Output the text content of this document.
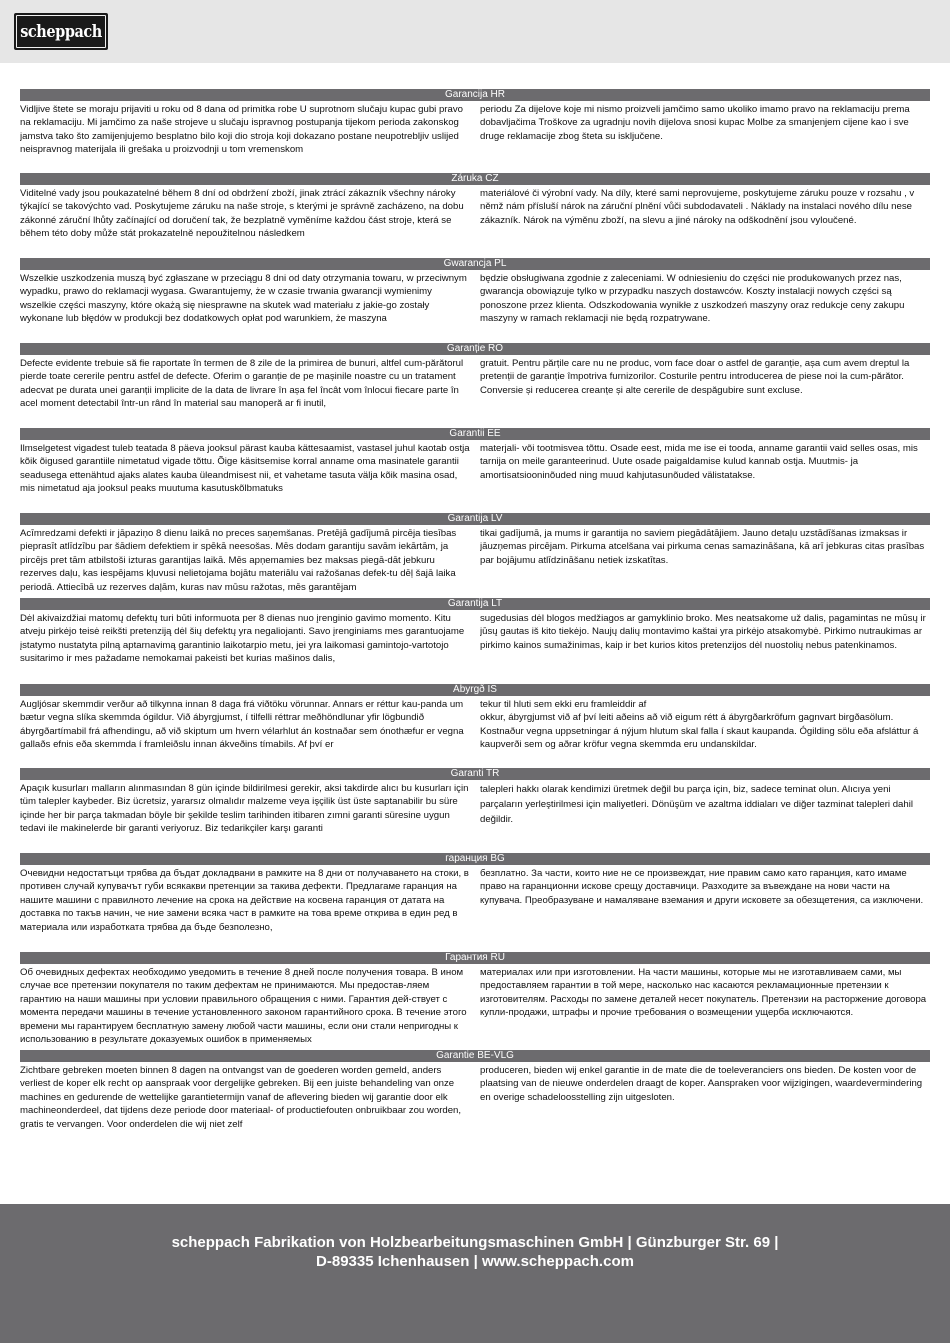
scheppach
Garancija HR
Vidljive štete se moraju prijaviti u roku od 8 dana od primitka robe U suprotnom slučaju kupac gubi pravo na reklamaciju. Mi jamčimo za naše strojeve u slučaju ispravnog postupanja tijekom perioda zakonskog jamstva tako što zamijenjujemo besplatno bilo koji dio stroja koji dokazano postane neupotrebljiv uslijed neispravnog materijala ili grešaka u proizvodnji u tom vremenskom
periodu Za dijelove koje mi nismo proizveli jamčimo samo ukoliko imamo pravo na reklamaciju prema dobavljačima Troškove za ugradnju novih dijelova snosi kupac Molbe za smanjenjem cijene kao i sve druge reklamacije zbog šteta su isključene.
Záruka CZ
Viditelné vady jsou poukazatelné během 8 dní od obdržení zboží, jinak ztrácí zákazník všechny nároky týkající se takovýchto vad. Poskytujeme záruku na naše stroje, s kterými je správně zacházeno, na dobu zákonné záruční lhůty začínající od doručení tak, že bezplatně vyměníme každou část stroje, která se během této doby může stát prokazatelně nepoužitelnou následkem
materiálové či výrobní vady. Na díly, které sami neprovujeme, poskytujeme záruku pouze v rozsahu , v němž nám přísluší nárok na záruční plnění vůči subdodavateli . Náklady na instalaci nového dílu nese zákazník. Nárok na výměnu zboží, na slevu a jiné nároky na odškodnění jsou vyloučené.
Gwarancja PL
Wszelkie uszkodzenia muszą być zgłaszane w przeciągu 8 dni od daty otrzymania towaru, w przeciwnym wypadku, prawo do reklamacji wygasa. Gwarantujemy, że w czasie trwania gwarancji wymienimy wszelkie części maszyny, które okażą się niesprawne na skutek wad materiału z jakie-go zostały wykonane lub błędów w produkcji bez dodatkowych opłat pod warunkiem, że maszyna
będzie obsługiwana zgodnie z zaleceniami. W odniesieniu do części nie produkowanych przez nas, gwarancja obowiązuje tylko w przypadku naszych dostawców. Koszty instalacji nowych części są ponoszone przez klienta. Odszkodowania wynikłe z uszkodzeń maszyny oraz redukcje ceny zakupu maszyny w ramach reklamacji nie będą rozpatrywane.
Garanție RO
Defecte evidente trebuie să fie raportate în termen de 8 zile de la primirea de bunuri, altfel cum-părătorul pierde toate cererile pentru astfel de defecte. Oferim o garanție de pe mașinile noastre cu un tratament adecvat pe durata unei garanții implicite de la data de livrare în așa fel încât vom înlocui fiecare parte în acel moment detectabil într-un rând în material sau manoperă ar fi inutil,
gratuit. Pentru părțile care nu ne produc, vom face doar o astfel de garanție, așa cum avem dreptul la pretenții de garanție împotriva furnizorilor. Costurile pentru introducerea de piese noi la cum-părător. Conversie și reducerea creanțe și alte cererile de despăgubire sunt excluse.
Garantii EE
Ilmselgetest vigadest tuleb teatada 8 päeva jooksul pärast kauba kättesaamist, vastasel juhul kaotab ostja kõik õigused garantiile nimetatud vigade tõttu. Õige käsitsemise korral anname oma masinatele garantii seadusega ettenähtud ajaks alates kauba üleandmisest nii, et vahetame tasuta välja kõik masina osad, mis nimetatud aja jooksul peaks muutuma kasutuskõlbmatuks
materjali- või tootmisvea tõttu. Osade eest, mida me ise ei tooda, anname garantii vaid selles osas, mis tarnija on meile garanteerinud. Uute osade paigaldamise kulud kannab ostja. Muutmis- ja amortisatsiooninõuded ning muud kahjutasunõuded välistatakse.
Garantija LV
Acīmredzami defekti ir jāpaziņo 8 dienu laikā no preces saņemšanas. Pretējā gadījumā pircēja tiesības pieprasīt atlīdzību par šādiem defektiem ir spēkā neesošas. Mēs dodam garantiju savām iekārtām, ja pircējs pret tām atbilstoši izturas garantijas laikā. Mēs apņemamies bez maksas piegā-dāt jebkuru rezerves daļu, kas iespējams kļuvusi nelietojama bojātu materiālu vai ražošanas defek-tu dēļ šajā laika periodā. Attiecībā uz rezerves daļām, kuras nav mūsu ražotas, mēs garantējam
tikai gadījumā, ja mums ir garantija no saviem piegādātājiem. Jauno detaļu uzstādīšanas izmaksas ir jāuzņemas pircējam. Pirkuma atcelšana vai pirkuma cenas samazināšana, kā arī jebkuras citas prasības par bojājumu atlīdzināšanu netiek izskatītas.
Garantija LT
Dėl akivaizdžiai matomų defektų turi būti informuota per 8 dienas nuo įrenginio gavimo momento. Kitu atveju pirkėjo teisė reikšti pretenziją dėl šių defektų yra negaliojanti. Savo įrenginiams mes garantuojame įstatymo nustatyta pilną aptarnavimą garantinio laikotarpio metu, jei yra laikomasi gamintojo-vartotojo susitarimo ir mes pažadame nemokamai pakeisti bet kurias mašinos dalis,
sugedusias dėl blogos medžiagos ar gamyklinio broko. Mes neatsakome už dalis, pagamintas ne mūsų ir jūsų gautas iš kito tiekėjo. Naujų dalių montavimo kaštai yra pirkėjo atsakomybė. Pirkimo nutraukimas ar pirkimo kainos sumažinimas, kaip ir bet kurios kitos pretenzijos dėl nuostolių nebus patenkinamos.
Ábyrgð IS
Augljósar skemmdir verður að tilkynna innan 8 daga frá viðtöku vörunnar. Annars er réttur kau-panda um bætur vegna slíka skemmda ógildur. Við ábyrgjumst, í tilfelli réttrar meðhöndlunar yfir lögbundið ábyrgðartímabil frá afhendingu, að við skiptum um hvern vélarhlut án kostnaðar sem ónothæfur er vegna gallaðs efnis eða skemmda í framleiðslu innan ákveðins tímabils. Af því er
tekur til hluti sem ekki eru framleiddir af
okkur, ábyrgjumst við af því leiti aðeins að við eigum rétt á ábyrgðarkröfum gagnvart birgðasölum. Kostnaður vegna uppsetningar á nýjum hlutum skal falla í skaut kaupanda. Ógilding sölu eða afsláttur á kaupverði sem og aðrar kröfur vegna skemmda eru undanskildar.
Garanti TR
Apaçık kusurları malların alınmasından 8 gün içinde bildirilmesi gerekir, aksi takdirde alıcı bu kusurları için tüm talepler kaybeder. Biz ücretsiz, yararsız olmalıdır malzeme veya işçilik üst üste saptanabilir bu süre içinde her bir parça takmadan böyle bir şekilde teslim tarihinden itibaren zımni garanti süresine uygun tedavi ile makinelerde bir garanti veriyoruz. Biz tedarikçiler karşı garanti
talepleri hakkı olarak kendimizi üretmek değil bu parça için, biz, sadece teminat olun. Alıcıya yeni parçaların yerleştirilmesi için maliyetleri. Dönüşüm ve azaltma iddiaları ve diğer tazminat talepleri dahil değildir.
гаранция BG
Очевидни недостатъци трябва да бъдат докладвани в рамките на 8 дни от получаването на стоки, в противен случай купувачът губи всякакви претенции за такива дефекти. Предлагаме гаранция на нашите машини с правилното лечение на срока на действие на косвена гаранция от датата на доставка по такъв начин, че ние замени всяка част в рамките на това време открива в един ред в материала или изработката трябва да бъде безполезно,
безплатно. За части, които ние не се произвеждат, ние правим само като гаранция, като имаме право на гаранционни искове срещу доставчици. Разходите за въвеждане на нови части на купувача. Преобразуване и намаляване вземания и други исковете за обезщетения, са изключени.
Гарантия RU
Об очевидных дефектах необходимо уведомить в течение 8 дней после получения товара. В ином случае все претензии покупателя по таким дефектам не принимаются. Мы предостав-ляем гарантию на наши машины при условии правильного обращения с ними. Гарантия дей-ствует с момента передачи машины в течение установленного законом гарантийного срока. В течение этого времени мы гарантируем бесплатную замену любой части машины, если они стали непригодны к использованию в результате доказуемых ошибок в применяемых
материалах или при изготовлении. На части машины, которые мы не изготавливаем сами, мы предоставляем гарантии в той мере, насколько нас касаются рекламационные претензии к изготовителям. Расходы по замене деталей несет покупатель. Претензии на расторжение договора купли-продажи, штрафы и прочие требования о возмещении ущерба исключаются.
Garantie BE-VLG
Zichtbare gebreken moeten binnen 8 dagen na ontvangst van de goederen worden gemeld, anders verliest de koper elk recht op aanspraak voor dergelijke gebreken. Bij een juiste behandeling van onze machines en gedurende de wettelijke garantietermijn vanaf de aflevering bieden wij garantie door elk machineonderdeel, dat tijdens deze periode door materiaal- of productiefouten onbruikbaar zou worden, gratis te vervangen. Voor onderdelen die wij niet zelf
produceren, bieden wij enkel garantie in de mate die de toeleveranciers ons bieden. De kosten voor de plaatsing van de nieuwe onderdelen draagt de koper. Aanspraken voor wijzigingen, waardevermindering en overige schadeloosstelling zijn uitgesloten.
scheppach Fabrikation von Holzbearbeitungsmaschinen GmbH | Günzburger Str. 69 |
D-89335 Ichenhausen | www.scheppach.com
